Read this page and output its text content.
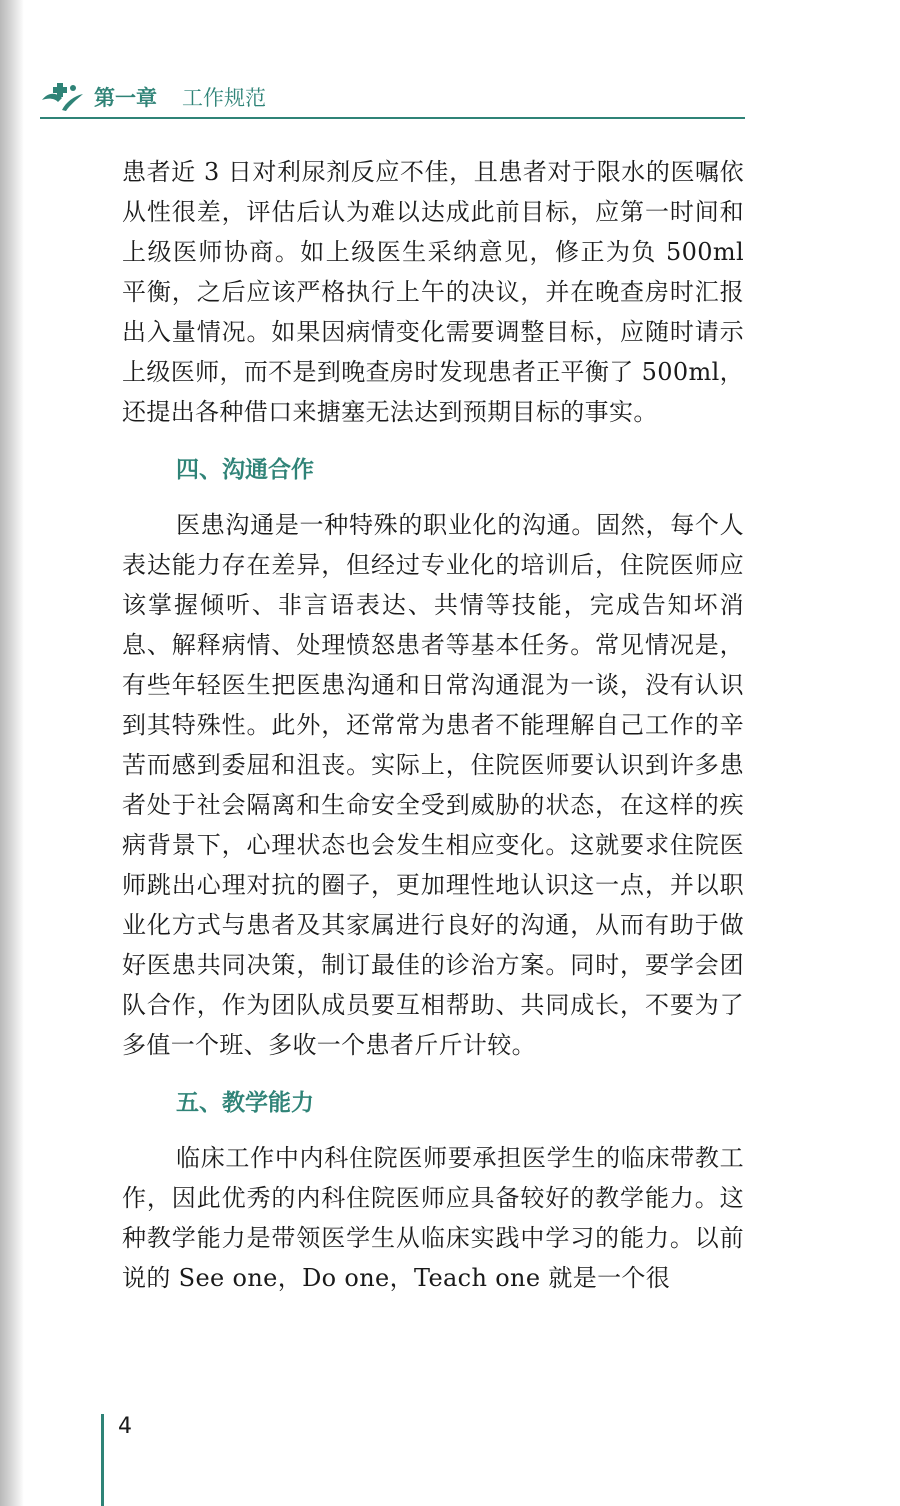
第一章 工作规范

患者近 3 日对利尿剂反应不佳，且患者对于限水的医嘱依从性很差，评估后认为难以达成此前目标，应第一时间和上级医师协商。如上级医生采纳意见，修正为负 500ml 平衡，之后应该严格执行上午的决议，并在晚查房时汇报出入量情况。如果因病情变化需要调整目标，应随时请示上级医师，而不是到晚查房时发现患者正平衡了 500ml，还提出各种借口来搪塞无法达到预期目标的事实。

四、沟通合作

医患沟通是一种特殊的职业化的沟通。固然，每个人表达能力存在差异，但经过专业化的培训后，住院医师应该掌握倾听、非言语表达、共情等技能，完成告知坏消息、解释病情、处理愤怒患者等基本任务。常见情况是，有些年轻医生把医患沟通和日常沟通混为一谈，没有认识到其特殊性。此外，还常常为患者不能理解自己工作的辛苦而感到委屈和沮丧。实际上，住院医师要认识到许多患者处于社会隔离和生命安全受到威胁的状态，在这样的疾病背景下，心理状态也会发生相应变化。这就要求住院医师跳出心理对抗的圈子，更加理性地认识这一点，并以职业化方式与患者及其家属进行良好的沟通，从而有助于做好医患共同决策，制订最佳的诊治方案。同时，要学会团队合作，作为团队成员要互相帮助、共同成长，不要为了多值一个班、多收一个患者斤斤计较。

五、教学能力

临床工作中内科住院医师要承担医学生的临床带教工作，因此优秀的内科住院医师应具备较好的教学能力。这种教学能力是带领医学生从临床实践中学习的能力。以前说的 See one，Do one，Teach one 就是一个很

4
